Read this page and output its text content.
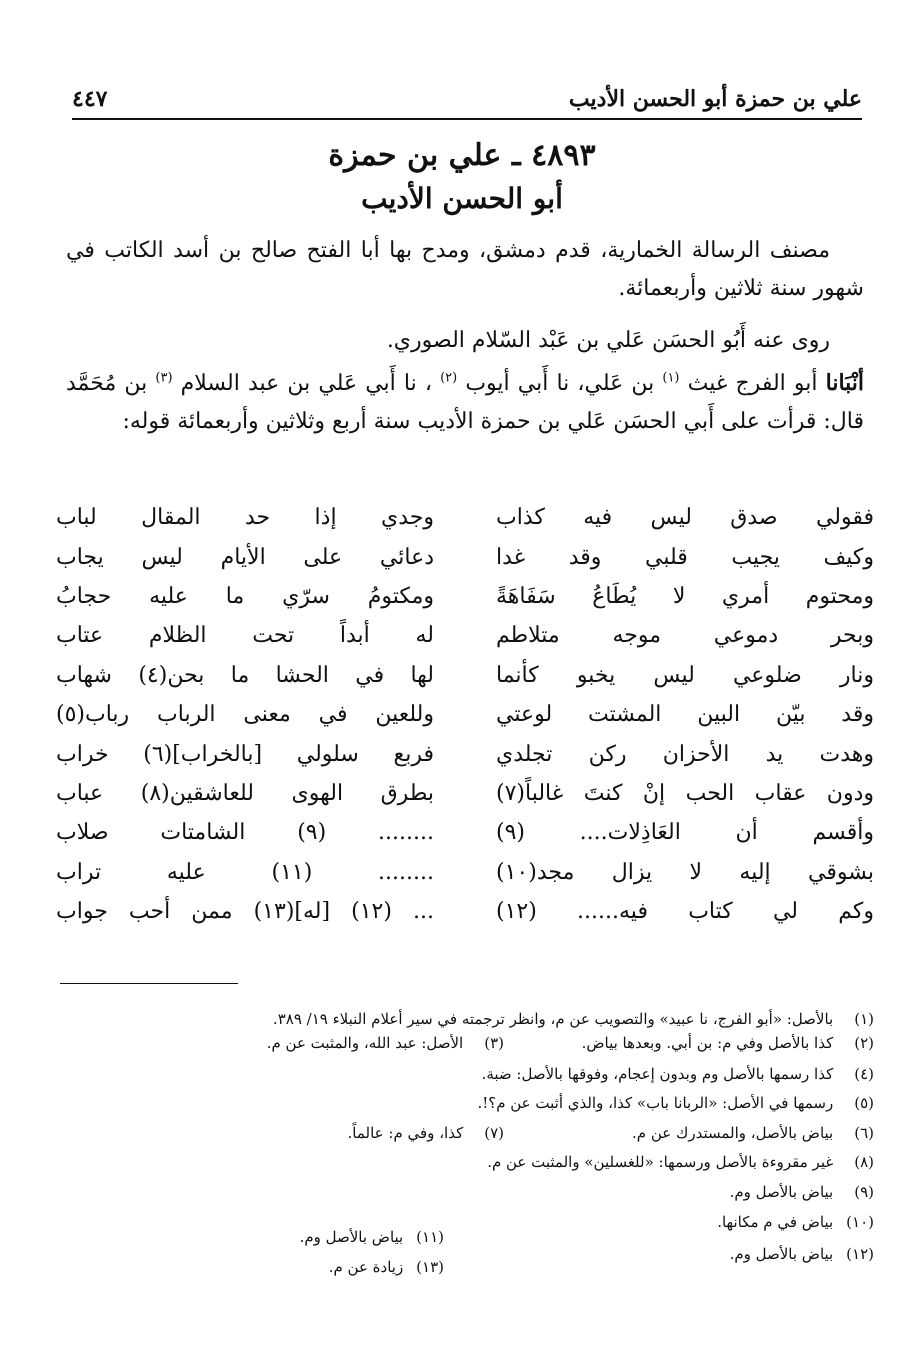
علي بن حمزة أبو الحسن الأديب
٤٤٧
٤٨٩٣ ـ علي بن حمزة
أبو الحسن الأديب
مصنف الرسالة الخمارية، قدم دمشق، ومدح بها أبا الفتح صالح بن أسد الكاتب في شهور سنة ثلاثين وأربعمائة.
روى عنه أَبُو الحسَن عَلي بن عَبْد السّلام الصوري.
أنْبَانا أبو الفرج غيث $^{(١)}$ بن عَلي، نا أَبي أيوب $^{(٢)}$ ، نا أَبي عَلي بن عبد السلام $^{(٣)}$ بن مُحَمَّد قال: قرأت على أَبي الحسَن عَلي بن حمزة الأديب سنة أربع وثلاثين وأربعمائة قوله:
فقولي صدق ليس فيه كذاب
وجدي إذا حد المقال لباب
وكيف يجيب قلبي وقد غدا
دعائي على الأيام ليس يجاب
ومحتوم أمري لا يُطَاعُ سَفَاهَةً
ومكتومُ سرّي ما عليه حجابُ
وبحر دموعي موجه متلاطم
له أبداً تحت الظلام عتاب
ونار ضلوعي ليس يخبو كأنما
لها في الحشا ما بحن(٤) شهاب
وقد بيّن البين المشتت لوعتي
وللعين في معنى الرباب رباب(٥)
وهدت يد الأحزان ركن تجلدي
فربع سلولي [بالخراب](٦) خراب
ودون عقاب الحب إنْ كنتَ غالباً(٧)
بطرق الهوى للعاشقين(٨) عباب
وأقسم أن العَاذِلات.... (٩)
........ (٩) الشامتات صلاب
بشوقي إليه لا يزال مجد(١٠)
........ (١١) عليه تراب
وكم لي كتاب فيه...... (١٢)
... (١٢) [له](١٣) ممن أحب جواب
(١) بالأصل: «أبو الفرج، نا عبيد» والتصويب عن م، وانظر ترجمته في سير أعلام النبلاء ١٩/ ٣٨٩.
(٢) كذا بالأصل وفي م: بن أبي. وبعدها بياض.
(٣) الأصل: عبد الله، والمثبت عن م.
(٤) كذا رسمها بالأصل وم وبدون إعجام، وفوقها بالأصل: ضبة.
(٥) رسمها في الأصل: «الربانا باب» كذا، والذي أثبت عن م؟!.
(٦) بياض بالأصل، والمستدرك عن م.
(٧) كذا، وفي م: عالماً.
(٨) غير مقروءة بالأصل ورسمها: «للغسلين» والمثبت عن م.
(٩) بياض بالأصل وم.
(١٠) بياض في م مكانها.
(١١) بياض بالأصل وم.
(١٢) بياض بالأصل وم.
(١٣) زيادة عن م.
